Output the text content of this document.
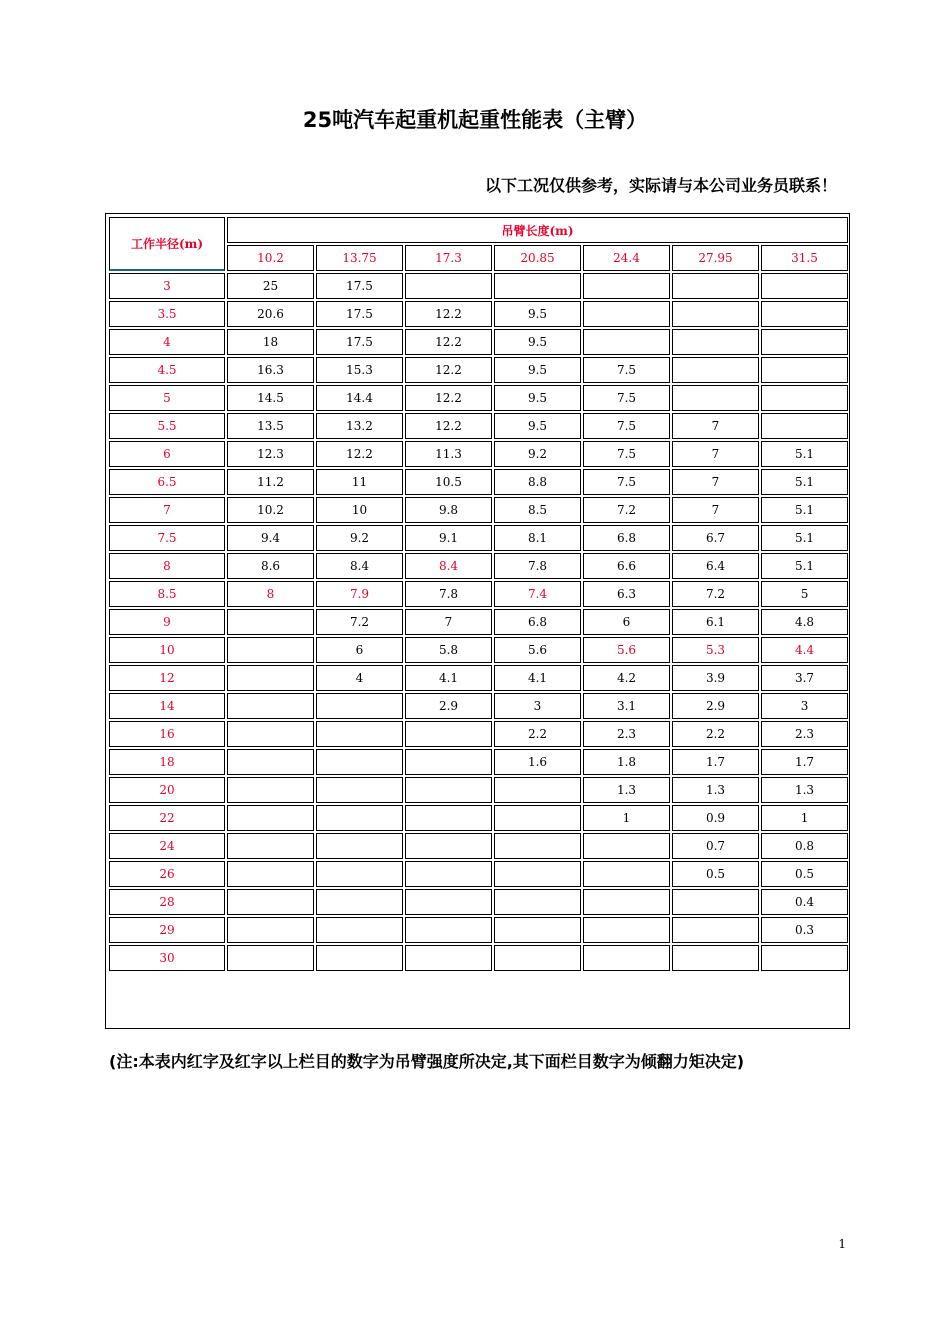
25吨汽车起重机起重性能表（主臂）
以下工况仅供参考，实际请与本公司业务员联系！
工作半径(m)	吊臂长度(m)						
	10.2	13.75	17.3	20.85	24.4	27.95	31.5
3	25	17.5					
3.5	20.6	17.5	12.2	9.5			
4	18	17.5	12.2	9.5			
4.5	16.3	15.3	12.2	9.5	7.5		
5	14.5	14.4	12.2	9.5	7.5		
5.5	13.5	13.2	12.2	9.5	7.5	7	
6	12.3	12.2	11.3	9.2	7.5	7	5.1
6.5	11.2	11	10.5	8.8	7.5	7	5.1
7	10.2	10	9.8	8.5	7.2	7	5.1
7.5	9.4	9.2	9.1	8.1	6.8	6.7	5.1
8	8.6	8.4	8.4	7.8	6.6	6.4	5.1
8.5	8	7.9	7.8	7.4	6.3	7.2	5
9		7.2	7	6.8	6	6.1	4.8
10		6	5.8	5.6	5.6	5.3	4.4
12		4	4.1	4.1	4.2	3.9	3.7
14			2.9	3	3.1	2.9	3
16				2.2	2.3	2.2	2.3
18				1.6	1.8	1.7	1.7
20					1.3	1.3	1.3
22					1	0.9	1
24						0.7	0.8
26						0.5	0.5
28							0.4
29							0.3
30							
(注:本表内红字及红字以上栏目的数字为吊臂强度所决定,其下面栏目数字为倾翻力矩决定)
1
